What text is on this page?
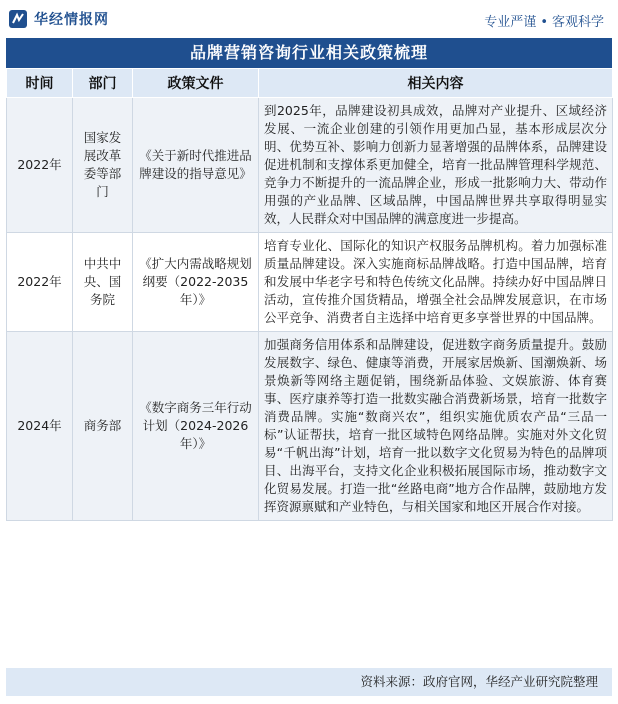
华经情报网	专业严谨 • 客观科学
品牌营销咨询行业相关政策梳理
时间	部门	政策文件	相关内容
2022年	国家发展改革委等部门	《关于新时代推进品牌建设的指导意见》	到2025年，品牌建设初具成效，品牌对产业提升、区域经济发展、一流企业创建的引领作用更加凸显，基本形成层次分明、优势互补、影响力创新力显著增强的品牌体系，品牌建设促进机制和支撑体系更加健全，培育一批品牌管理科学规范、竞争力不断提升的一流品牌企业，形成一批影响力大、带动作用强的产业品牌、区域品牌，中国品牌世界共享取得明显实效，人民群众对中国品牌的满意度进一步提高。
2022年	中共中央、国务院	《扩大内需战略规划纲要（2022-2035年）》	培育专业化、国际化的知识产权服务品牌机构。着力加强标准质量品牌建设。深入实施商标品牌战略。打造中国品牌，培育和发展中华老字号和特色传统文化品牌。持续办好中国品牌日活动，宣传推介国货精品，增强全社会品牌发展意识，在市场公平竞争、消费者自主选择中培育更多享誉世界的中国品牌。
2024年	商务部	《数字商务三年行动计划（2024-2026年）》	加强商务信用体系和品牌建设，促进数字商务质量提升。鼓励发展数字、绿色、健康等消费，开展家居焕新、国潮焕新、场景焕新等网络主题促销，围绕新品体验、文娱旅游、体育赛事、医疗康养等打造一批数实融合消费新场景，培育一批数字消费品牌。实施“数商兴农”，组织实施优质农产品“三品一标”认证帮扶，培育一批区域特色网络品牌。实施对外文化贸易“千帆出海”计划，培育一批以数字文化贸易为特色的品牌项目、出海平台，支持文化企业积极拓展国际市场，推动数字文化贸易发展。打造一批“丝路电商”地方合作品牌，鼓励地方发挥资源禀赋和产业特色，与相关国家和地区开展合作对接。
资料来源：政府官网，华经产业研究院整理
